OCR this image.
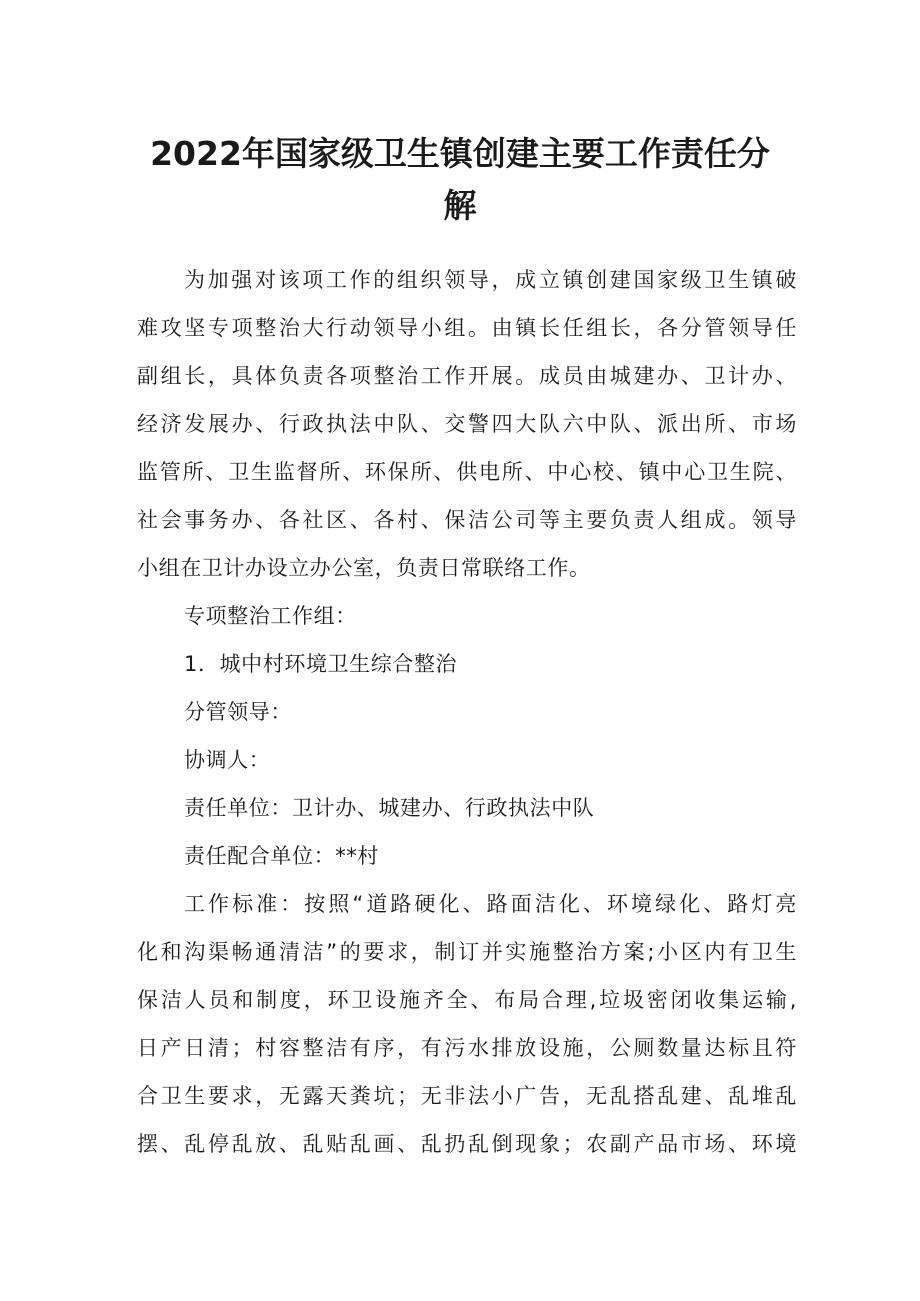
2022年国家级卫生镇创建主要工作责任分
解
为加强对该项工作的组织领导，成立镇创建国家级卫生镇破
难攻坚专项整治大行动领导小组。由镇长任组长，各分管领导任
副组长，具体负责各项整治工作开展。成员由城建办、卫计办、
经济发展办、行政执法中队、交警四大队六中队、派出所、市场
监管所、卫生监督所、环保所、供电所、中心校、镇中心卫生院、
社会事务办、各社区、各村、保洁公司等主要负责人组成。领导
小组在卫计办设立办公室，负责日常联络工作。
专项整治工作组：
1．城中村环境卫生综合整治
分管领导：
协调人：
责任单位：卫计办、城建办、行政执法中队
责任配合单位：**村
工作标准：按照“道路硬化、路面洁化、环境绿化、路灯亮
化和沟渠畅通清洁”的要求，制订并实施整治方案;小区内有卫生
保洁人员和制度，环卫设施齐全、布局合理,垃圾密闭收集运输,
日产日清；村容整洁有序，有污水排放设施，公厕数量达标且符
合卫生要求，无露天粪坑；无非法小广告，无乱搭乱建、乱堆乱
摆、乱停乱放、乱贴乱画、乱扔乱倒现象；农副产品市场、环境
